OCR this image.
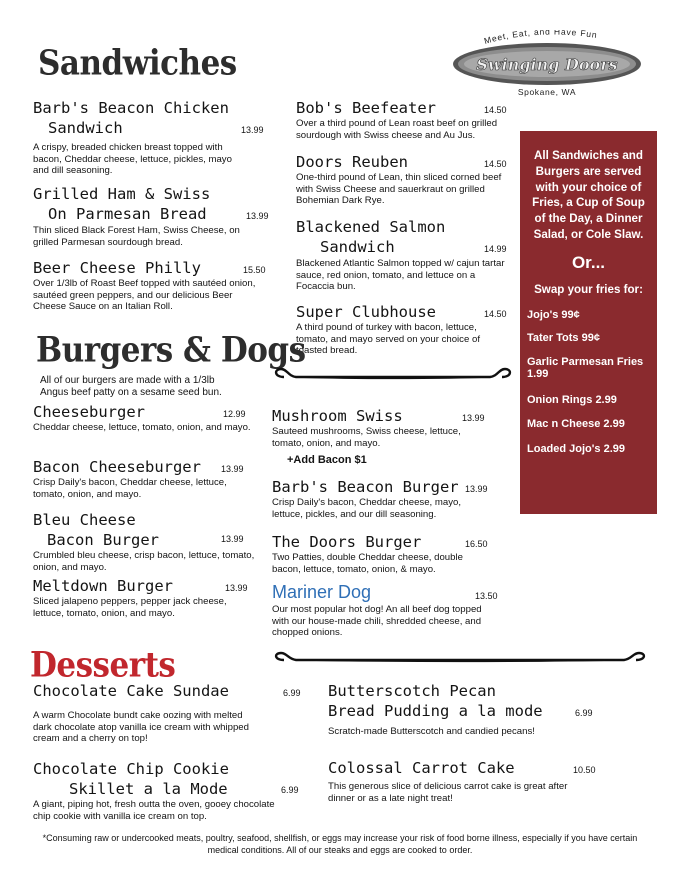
Meet, Eat, and Have Fun
Swinging Doors
Spokane, WA
Sandwiches
Barb's Beacon Chicken
Sandwich	13.99
A crispy, breaded chicken breast topped with bacon, Cheddar cheese, lettuce, pickles, mayo and dill seasoning.
Grilled Ham & Swiss
On Parmesan Bread	13.99
Thin sliced Black Forest Ham, Swiss Cheese, on grilled Parmesan sourdough bread.
Beer Cheese Philly	15.50
Over 1/3lb of Roast Beef topped with sautéed onion, sautéed green peppers, and our delicious Beer Cheese Sauce on an Italian Roll.
Bob's Beefeater	14.50
Over a third pound of Lean roast beef on grilled sourdough with Swiss cheese and Au Jus.
Doors Reuben	14.50
One-third pound of Lean, thin sliced corned beef with Swiss Cheese and sauerkraut on grilled Bohemian Dark Rye.
Blackened Salmon
Sandwich	14.99
Blackened Atlantic Salmon topped w/ cajun tartar sauce, red onion, tomato, and lettuce on a Focaccia bun.
Super Clubhouse	14.50
A third pound of turkey with bacon, lettuce, tomato, and mayo served on your choice of toasted bread.
All Sandwiches and Burgers are served with your choice of Fries, a Cup of Soup of the Day, a Dinner Salad, or Cole Slaw.
Or...
Swap your fries for:
Jojo's 99¢
Tater Tots 99¢
Garlic Parmesan Fries 1.99
Onion Rings 2.99
Mac n Cheese 2.99
Loaded Jojo's 2.99
Burgers & Dogs
All of our burgers are made with a 1/3lb Angus beef patty on a sesame seed bun.
Cheeseburger	12.99
Cheddar cheese, lettuce, tomato, onion, and mayo.
Bacon Cheeseburger	13.99
Crisp Daily's bacon, Cheddar cheese, lettuce, tomato, onion, and mayo.
Bleu Cheese
Bacon Burger	13.99
Crumbled bleu cheese, crisp bacon, lettuce, tomato, onion, and mayo.
Meltdown Burger	13.99
Sliced jalapeno peppers, pepper jack cheese, lettuce, tomato, onion, and mayo.
Mushroom Swiss	13.99
Sauteed mushrooms, Swiss cheese, lettuce, tomato, onion, and mayo.
+Add Bacon $1
Barb's Beacon Burger 13.99
Crisp Daily's bacon, Cheddar cheese, mayo, lettuce, pickles, and our dill seasoning.
The Doors Burger	16.50
Two Patties, double Cheddar cheese, double bacon, lettuce, tomato, onion, & mayo.
Mariner Dog	13.50
Our most popular hot dog! An all beef dog topped with our house-made chili, shredded cheese, and chopped onions.
Desserts
Chocolate Cake Sundae	6.99
A warm Chocolate bundt cake oozing with melted dark chocolate atop vanilla ice cream with whipped cream and a cherry on top!
Chocolate Chip Cookie
Skillet a la Mode	6.99
A giant, piping hot, fresh outta the oven, gooey chocolate chip cookie with vanilla ice cream on top.
Butterscotch Pecan
Bread Pudding a la mode	6.99
Scratch-made Butterscotch and candied pecans!
Colossal Carrot Cake	10.50
This generous slice of delicious carrot cake is great after dinner or as a late night treat!
*Consuming raw or undercooked meats, poultry, seafood, shellfish, or eggs may increase your risk of food borne illness, especially if you have certain medical conditions. All of our steaks and eggs are cooked to order.
